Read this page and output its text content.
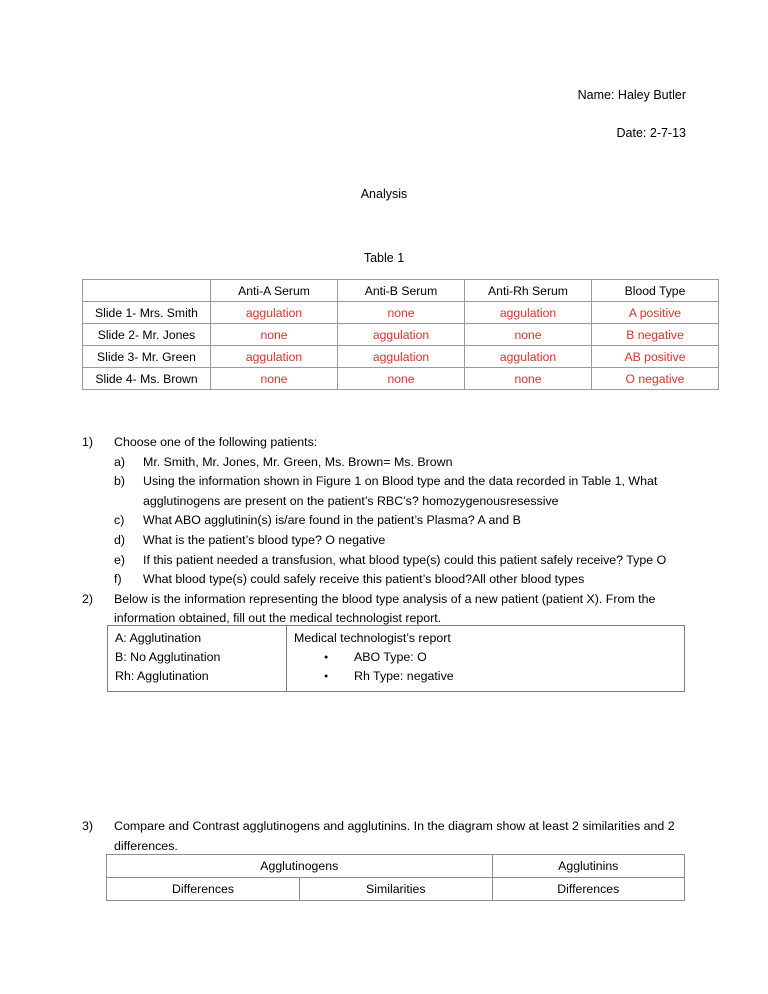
Name: Haley Butler
Date: 2-7-13
Analysis
Table 1
	Anti-A Serum	Anti-B Serum	Anti-Rh Serum	Blood Type
Slide 1- Mrs. Smith	aggulation	none	aggulation	A positive
Slide 2- Mr. Jones	none	aggulation	none	B negative
Slide 3- Mr. Green	aggulation	aggulation	aggulation	AB positive
Slide 4- Ms. Brown	none	none	none	O negative
1)	Choose one of the following patients:
a)	Mr. Smith, Mr. Jones, Mr. Green, Ms. Brown= Ms. Brown
b)	Using the information shown in Figure 1 on Blood type and the data recorded in Table 1, What agglutinogens are present on the patient’s RBC’s? homozygenousresessive
c)	What ABO agglutinin(s) is/are found in the patient’s Plasma? A and B
d)	What is the patient’s blood type? O negative
e)	If this patient needed a transfusion, what blood type(s) could this patient safely receive? Type O
f)	What blood type(s) could safely receive this patient’s blood?All other blood types
2)	Below is the information representing the blood type analysis of a new patient (patient X). From the information obtained, fill out the medical technologist report.
A: Agglutination
B: No Agglutination
Rh: Agglutination

Medical technologist’s report
● ABO Type: O
● Rh Type: negative
3)	Compare and Contrast agglutinogens and agglutinins. In the diagram show at least 2 similarities and 2 differences.
Agglutinogens		Agglutinins
Differences	Similarities	Differences
